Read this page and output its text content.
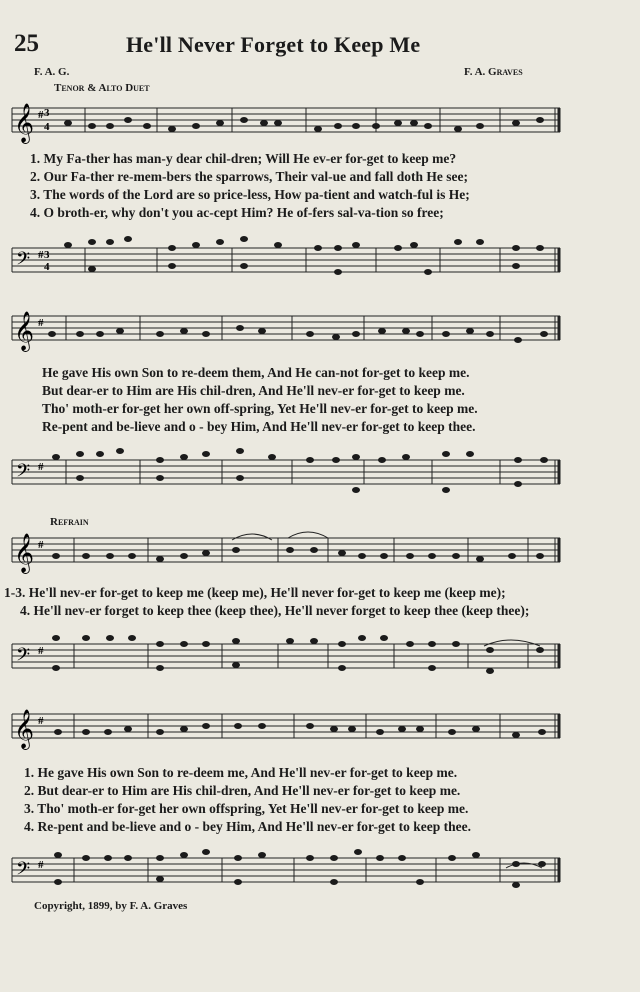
25	He'll Never Forget to Keep Me
F. A. G.	F. A. Graves
Tenor & Alto Duet
𝄞 # 3
4
1. My Fa-ther has man-y dear chil-dren; Will He ev-er for-get to keep me?
2. Our Fa-ther re-mem-bers the sparrows, Their val-ue and fall doth He see;
3. The words of the Lord are so price-less, How pa-tient and watch-ful is He;
4. O broth-er, why don't you ac-cept Him? He of-fers sal-va-tion so free;
𝄢 # 3
4
𝄞 #
He gave His own Son to re-deem them, And He can-not for-get to keep me.
But dear-er to Him are His chil-dren, And He'll nev-er for-get to keep me.
Tho' moth-er for-get her own off-spring, Yet He'll nev-er for-get to keep me.
Re-pent and be-lieve and o - bey Him, And He'll nev-er for-get to keep thee.
𝄢 #
Refrain
𝄞 #
1-3. He'll nev-er for-get to keep me (keep me), He'll never for-get to keep me (keep me);
4. He'll nev-er forget to keep thee (keep thee), He'll never forget to keep thee (keep thee);
𝄢 #
𝄞 #
1. He gave His own Son to re-deem me, And He'll nev-er for-get to keep me.
2. But dear-er to Him are His chil-dren, And He'll nev-er for-get to keep me.
3. Tho' moth-er for-get her own offspring, Yet He'll nev-er for-get to keep me.
4. Re-pent and be-lieve and o - bey Him, And He'll nev-er for-get to keep thee.
𝄢 #
Copyright, 1899, by F. A. Graves
